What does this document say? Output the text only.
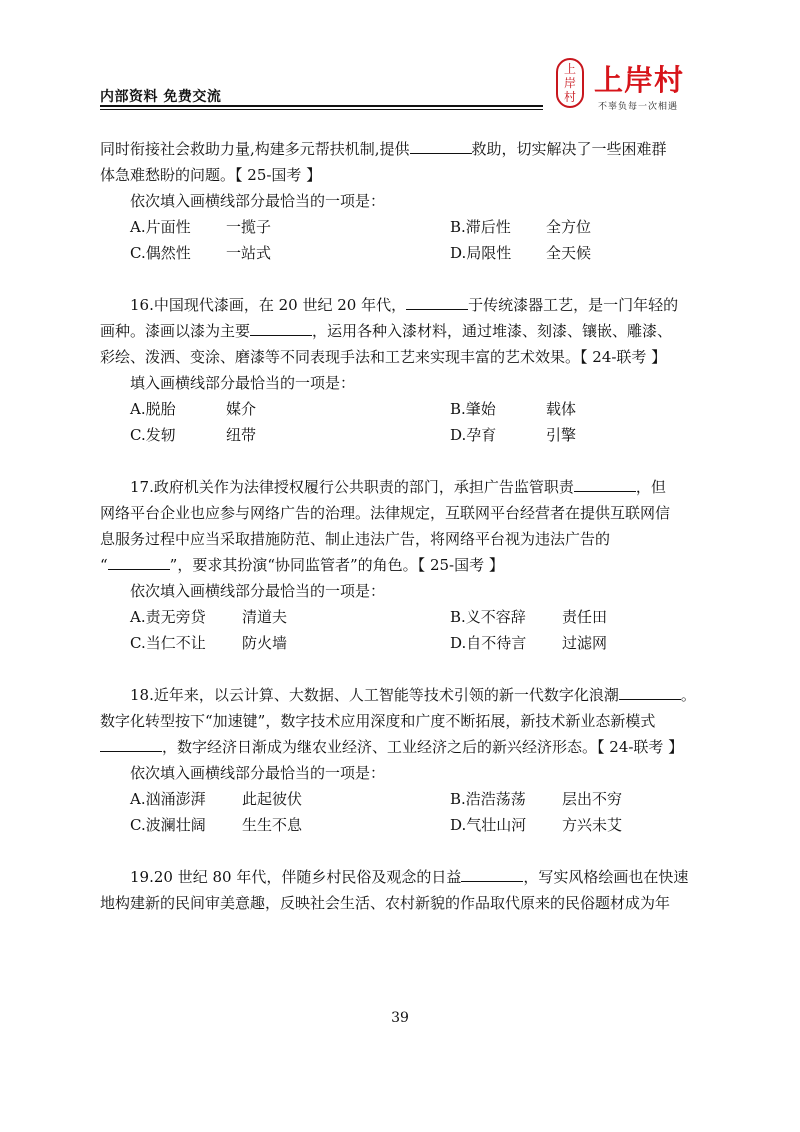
内部资料 免费交流
上
岸
村 上岸村
不辜负每一次相遇
同时衔接社会救助力量,构建多元帮扶机制,提供	救助，切实解决了一些困难群
体急难愁盼的问题。【 25-国考 】
依次填入画横线部分最恰当的一项是：
A.片面性	一揽子	B.滞后性	全方位
C.偶然性	一站式	D.局限性	全天候
16.中国现代漆画，在 20 世纪 20 年代，	于传统漆器工艺，是一门年轻的
画种。漆画以漆为主要	，运用各种入漆材料，通过堆漆、刻漆、镶嵌、雕漆、
彩绘、泼洒、变涂、磨漆等不同表现手法和工艺来实现丰富的艺术效果。【 24-联考 】
填入画横线部分最恰当的一项是：
A.脱胎	媒介	B.肇始	载体
C.发轫	纽带	D.孕育	引擎
17.政府机关作为法律授权履行公共职责的部门，承担广告监管职责	，但
网络平台企业也应参与网络广告的治理。法律规定，互联网平台经营者在提供互联网信
息服务过程中应当采取措施防范、制止违法广告，将网络平台视为违法广告的
“	”，要求其扮演“协同监管者”的角色。【 25-国考 】
依次填入画横线部分最恰当的一项是：
A.责无旁贷	清道夫	B.义不容辞	责任田
C.当仁不让	防火墙	D.自不待言	过滤网
18.近年来，以云计算、大数据、人工智能等技术引领的新一代数字化浪潮	。
数字化转型按下“加速键”，数字技术应用深度和广度不断拓展，新技术新业态新模式
，数字经济日渐成为继农业经济、工业经济之后的新兴经济形态。【 24-联考 】
依次填入画横线部分最恰当的一项是：
A.汹涌澎湃	此起彼伏	B.浩浩荡荡	层出不穷
C.波澜壮阔	生生不息	D.气壮山河	方兴未艾
19.20 世纪 80 年代，伴随乡村民俗及观念的日益	，写实风格绘画也在快速
地构建新的民间审美意趣，反映社会生活、农村新貌的作品取代原来的民俗题材成为年
39
